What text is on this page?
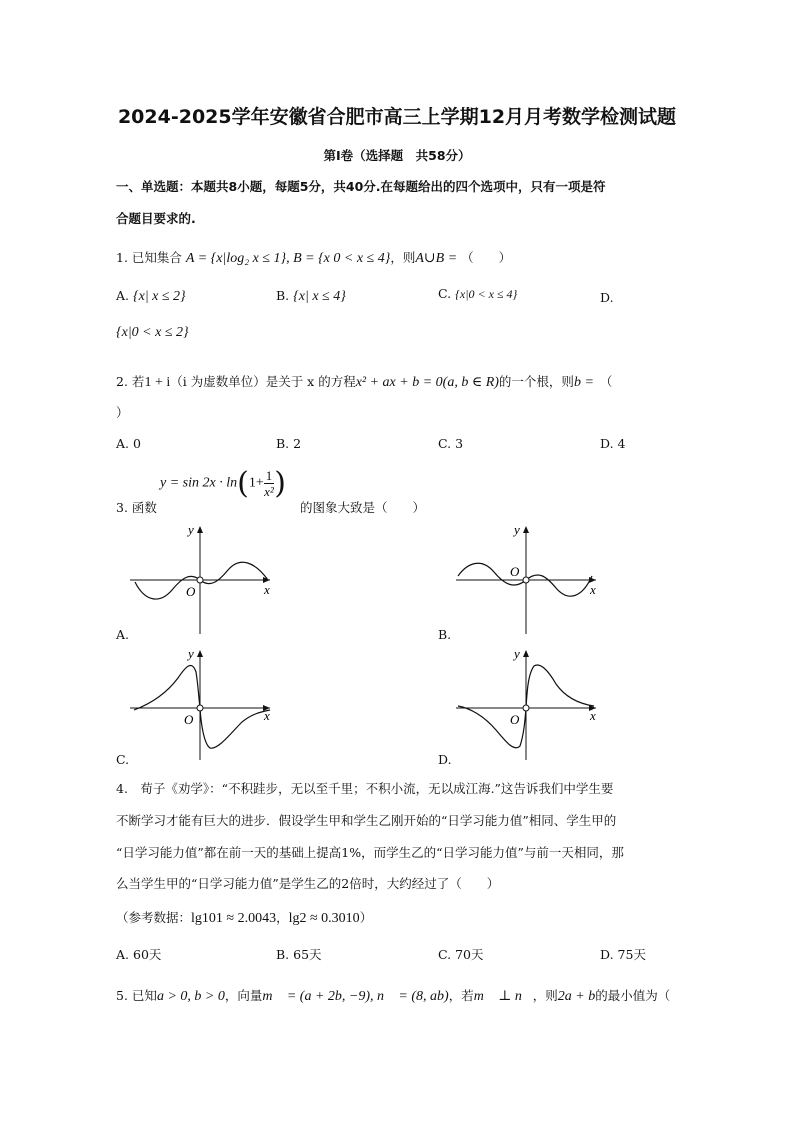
2024-2025学年安徽省合肥市高三上学期12月月考数学检测试题
第Ⅰ卷（选择题　共58分）
一、单选题：本题共8小题，每题5分，共40分.在每题给出的四个选项中，只有一项是符
合题目要求的.
1. 已知集合 A = {x|log₂ x ≤ 1}, B = {x 0 < x ≤ 4}，则A∪B = （　　）
A. {x| x ≤ 2}	B. {x| x ≤ 4}	C. {x|0 < x ≤ 4}	D.
{x|0 < x ≤ 2}
2. 若1 + i（i 为虚数单位）是关于 x 的方程x² + ax + b = 0(a, b ∈ R)的一个根，则b = （
）
A. 0	B. 2	C. 3	D. 4
3. 函数
$y = \sin 2x \cdot \ln(1+ \frac{1}{\text{x²}}$ )
的图象大致是（　　）
y
x
O
A.
y
x
O
B.
y
x
O
C.
y
x
O
D.
4.　荀子《劝学》：“不积跬步，无以至千里；不积小流，无以成江海.”这告诉我们中学生要
不断学习才能有巨大的进步．假设学生甲和学生乙刚开始的“日学习能力值”相同、学生甲的
“日学习能力值”都在前一天的基础上提高1%，而学生乙的“日学习能力值”与前一天相同，那
么当学生甲的“日学习能力值”是学生乙的2倍时，大约经过了（　　）
（参考数据：lg101 ≈ 2.0043，lg2 ≈ 0.3010）
A. 60天	B. 65天	C. 70天	D. 75天
5. 已知a > 0, b > 0，向量m⃗ = (a + 2b, −9), n⃗ = (8, ab)，若m⃗ ⊥ n⃗，则2a + b的最小值为（
